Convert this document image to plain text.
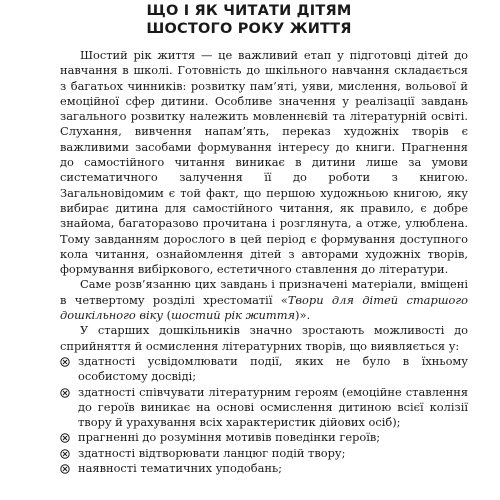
ЩО І ЯК ЧИТАТИ ДІТЯМ
ШОСТОГО РОКУ ЖИТТЯ

Шостий рік життя — це важливий етап у підготовці дітей до навчання в школі. Готовність до шкільного навчання складається з багатьох чинників: розвитку пам’яті, уяви, мислення, вольової й емоційної сфер дитини. Особливе значення у реалізації завдань загального розвитку належить мовленнєвій та літературній освіті. Слухання, вивчення напам’ять, переказ художніх творів є важливими засобами формування інтересу до книги. Прагнення до самостійного читання виникає в дитини лише за умови систематичного залучення її до роботи з книгою. Загальновідомим є той факт, що першою художньою книгою, яку вибирає дитина для самостійного читання, як правило, є добре знайома, багаторазово прочитана і розглянута, а отже, улюблена. Тому завданням дорослого в цей період є формування доступного кола читання, ознайомлення дітей з авторами художніх творів, формування вибіркового, естетичного ставлення до літератури.

Саме розв’язанню цих завдань і призначені матеріали, вміщені в четвертому розділі хрестоматії «Твори для дітей старшого дошкільного віку (шостий рік життя)».

У старших дошкільників значно зростають можливості до сприйняття й осмислення літературних творів, що виявляється у:

здатності усвідомлювати події, яких не було в їхньому особистому досвіді;
здатності співчувати літературним героям (емоційне ставлення до героїв виникає на основі осмислення дитиною всієї колізії твору й урахування всіх характеристик дійових осіб);
прагненні до розуміння мотивів поведінки героїв;
здатності відтворювати ланцюг подій твору;
наявності тематичних уподобань;
